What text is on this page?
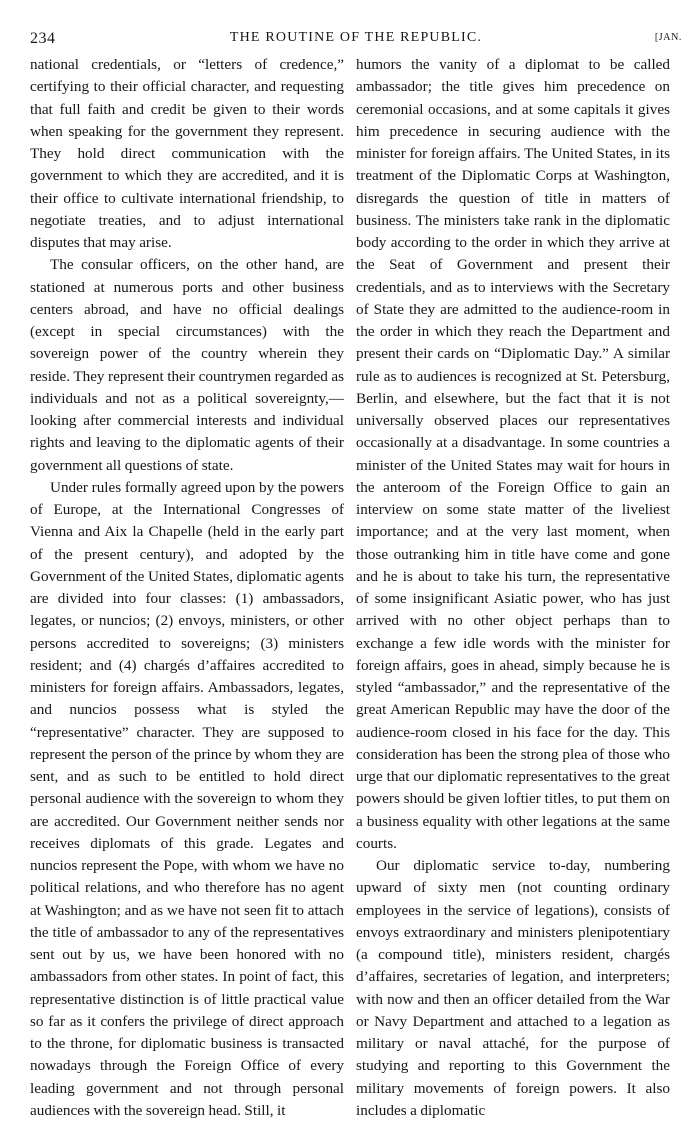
234	THE ROUTINE OF THE REPUBLIC.	[JAN.

national credentials, or “letters of credence,” certifying to their official character, and requesting that full faith and credit be given to their words when speaking for the government they represent. They hold direct communication with the government to which they are accredited, and it is their office to cultivate international friendship, to negotiate treaties, and to adjust international disputes that may arise.

The consular officers, on the other hand, are stationed at numerous ports and other business centers abroad, and have no official dealings (except in special circumstances) with the sovereign power of the country wherein they reside. They represent their countrymen regarded as individuals and not as a political sovereignty,— looking after commercial interests and individual rights and leaving to the diplomatic agents of their government all questions of state.

Under rules formally agreed upon by the powers of Europe, at the International Congresses of Vienna and Aix la Chapelle (held in the early part of the present century), and adopted by the Government of the United States, diplomatic agents are divided into four classes: (1) ambassadors, legates, or nuncios; (2) envoys, ministers, or other persons accredited to sovereigns; (3) ministers resident; and (4) chargés d’affaires accredited to ministers for foreign affairs. Ambassadors, legates, and nuncios possess what is styled the “representative” character. They are supposed to represent the person of the prince by whom they are sent, and as such to be entitled to hold direct personal audience with the sovereign to whom they are accredited. Our Government neither sends nor receives diplomats of this grade. Legates and nuncios represent the Pope, with whom we have no political relations, and who therefore has no agent at Washington; and as we have not seen fit to attach the title of ambassador to any of the representatives sent out by us, we have been honored with no ambassadors from other states. In point of fact, this representative distinction is of little practical value so far as it confers the privilege of direct approach to the throne, for diplomatic business is transacted nowadays through the Foreign Office of every leading government and not through personal audiences with the sovereign head. Still, it

humors the vanity of a diplomat to be called ambassador; the title gives him precedence on ceremonial occasions, and at some capitals it gives him precedence in securing audience with the minister for foreign affairs. The United States, in its treatment of the Diplomatic Corps at Washington, disregards the question of title in matters of business. The ministers take rank in the diplomatic body according to the order in which they arrive at the Seat of Government and present their credentials, and as to interviews with the Secretary of State they are admitted to the audience-room in the order in which they reach the Department and present their cards on “Diplomatic Day.” A similar rule as to audiences is recognized at St. Petersburg, Berlin, and elsewhere, but the fact that it is not universally observed places our representatives occasionally at a disadvantage. In some countries a minister of the United States may wait for hours in the anteroom of the Foreign Office to gain an interview on some state matter of the liveliest importance; and at the very last moment, when those outranking him in title have come and gone and he is about to take his turn, the representative of some insignificant Asiatic power, who has just arrived with no other object perhaps than to exchange a few idle words with the minister for foreign affairs, goes in ahead, simply because he is styled “ambassador,” and the representative of the great American Republic may have the door of the audience-room closed in his face for the day. This consideration has been the strong plea of those who urge that our diplomatic representatives to the great powers should be given loftier titles, to put them on a business equality with other legations at the same courts.

Our diplomatic service to-day, numbering upward of sixty men (not counting ordinary employees in the service of legations), consists of envoys extraordinary and ministers plenipotentiary (a compound title), ministers resident, chargés d’affaires, secretaries of legation, and interpreters; with now and then an officer detailed from the War or Navy Department and attached to a legation as military or naval attaché, for the purpose of studying and reporting to this Government the military movements of foreign powers. It also includes a diplomatic
